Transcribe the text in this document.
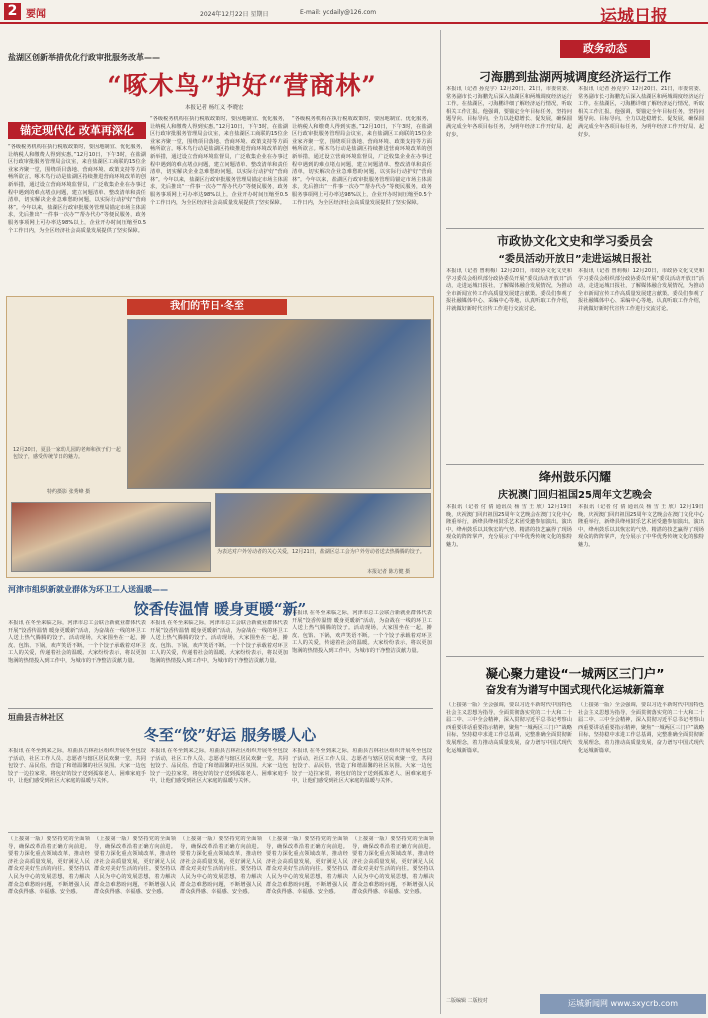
2 要闻	2024年12月22日 星期日	E-mail: ycdaily@126.com	运城日报
盐湖区创新举措优化行政审批服务改革——
“啄木鸟”护好“营商林”
本报记者 杨红义 李晓宏
锚定现代化 改革再深化
“各级税务机构在执行税收政策时，要因地制宜、优化服务，让纳税人和缴费人得到实惠。”12月10日，下午3时，在盐湖区行政审批服务管理局会议室，来自盐湖区工商联的15位企业家齐聚一堂，围绕项目落地、营商环境、政策支持等方面畅所欲言。啄木鸟行动是盐湖区持续推进营商环境改革的创新举措，通过设立营商环境监督员，广泛收集企业在办事过程中遇到的难点堵点问题，建立问题清单、整改清单和责任清单，切实解决企业急难愁盼问题，以实际行动护好“营商林”。今年以来，盐湖区行政审批服务管理局锚定市场主体需求，先后推出“一件事一次办”“帮办代办”等便民服务，政务服务事项网上可办率达98%以上，企业开办时间压缩至0.5个工作日内，为全区经济社会高质量发展提供了坚实保障。
“各级税务机构在执行税收政策时，要因地制宜、优化服务，让纳税人和缴费人得到实惠。”12月10日，下午3时，在盐湖区行政审批服务管理局会议室，来自盐湖区工商联的15位企业家齐聚一堂，围绕项目落地、营商环境、政策支持等方面畅所欲言。啄木鸟行动是盐湖区持续推进营商环境改革的创新举措，通过设立营商环境监督员，广泛收集企业在办事过程中遇到的难点堵点问题，建立问题清单、整改清单和责任清单，切实解决企业急难愁盼问题，以实际行动护好“营商林”。今年以来，盐湖区行政审批服务管理局锚定市场主体需求，先后推出“一件事一次办”“帮办代办”等便民服务，政务服务事项网上可办率达98%以上，企业开办时间压缩至0.5个工作日内，为全区经济社会高质量发展提供了坚实保障。
“各级税务机构在执行税收政策时，要因地制宜、优化服务，让纳税人和缴费人得到实惠。”12月10日，下午3时，在盐湖区行政审批服务管理局会议室，来自盐湖区工商联的15位企业家齐聚一堂，围绕项目落地、营商环境、政策支持等方面畅所欲言。啄木鸟行动是盐湖区持续推进营商环境改革的创新举措，通过设立营商环境监督员，广泛收集企业在办事过程中遇到的难点堵点问题，建立问题清单、整改清单和责任清单，切实解决企业急难愁盼问题，以实际行动护好“营商林”。今年以来，盐湖区行政审批服务管理局锚定市场主体需求，先后推出“一件事一次办”“帮办代办”等便民服务，政务服务事项网上可办率达98%以上，企业开办时间压缩至0.5个工作日内，为全区经济社会高质量发展提供了坚实保障。
我们的节日·冬至
12月20日，夏县一家幼儿园的老师和孩子们一起包饺子，感受传统节日的魅力。
特约摄影 张秀峰 摄
为表达对户外劳动者的关心关爱，12月21日，盐湖区总工会为户外劳动者送去热腾腾的饺子。
本报记者 陈方健 摄
河津市组织新就业群体为环卫工人送温暖——
饺香传温情 暖身更暖“新”
本报讯 在冬至来临之际，河津市总工会联合新就业群体代表开展“饺香传温情 暖身更暖新”活动，为奋战在一线的环卫工人送上热气腾腾的饺子。活动现场，大家围坐在一起，擀皮、包馅、下锅，欢声笑语不断。一个个饺子承载着对环卫工人的关爱，传递着社会的温暖。大家纷纷表示，将以更加饱满的热情投入到工作中，为城市的干净整洁贡献力量。
本报讯 在冬至来临之际，河津市总工会联合新就业群体代表开展“饺香传温情 暖身更暖新”活动，为奋战在一线的环卫工人送上热气腾腾的饺子。活动现场，大家围坐在一起，擀皮、包馅、下锅，欢声笑语不断。一个个饺子承载着对环卫工人的关爱，传递着社会的温暖。大家纷纷表示，将以更加饱满的热情投入到工作中，为城市的干净整洁贡献力量。
本报讯 在冬至来临之际，河津市总工会联合新就业群体代表开展“饺香传温情 暖身更暖新”活动，为奋战在一线的环卫工人送上热气腾腾的饺子。活动现场，大家围坐在一起，擀皮、包馅、下锅，欢声笑语不断。一个个饺子承载着对环卫工人的关爱，传递着社会的温暖。大家纷纷表示，将以更加饱满的热情投入到工作中，为城市的干净整洁贡献力量。
垣曲县吉林社区
冬至“饺”好运 服务暖人心
本报讯 在冬至到来之际，垣曲县吉林社区组织开展冬至包饺子活动，社区工作人员、志愿者与辖区居民欢聚一堂，共同包饺子、品民俗，营造了和谐温馨的社区氛围。大家一边包饺子一边拉家常，将包好的饺子送到孤寡老人、困难家庭手中，让他们感受到社区大家庭的温暖与关怀。
本报讯 在冬至到来之际，垣曲县吉林社区组织开展冬至包饺子活动，社区工作人员、志愿者与辖区居民欢聚一堂，共同包饺子、品民俗，营造了和谐温馨的社区氛围。大家一边包饺子一边拉家常，将包好的饺子送到孤寡老人、困难家庭手中，让他们感受到社区大家庭的温暖与关怀。
本报讯 在冬至到来之际，垣曲县吉林社区组织开展冬至包饺子活动，社区工作人员、志愿者与辖区居民欢聚一堂，共同包饺子、品民俗，营造了和谐温馨的社区氛围。大家一边包饺子一边拉家常，将包好的饺子送到孤寡老人、困难家庭手中，让他们感受到社区大家庭的温暖与关怀。
（上接第一版）要坚持党的全面领导，确保改革沿着正确方向前进。要着力深化重点领域改革，推动经济社会高质量发展，更好满足人民群众对美好生活的向往。要坚持以人民为中心的发展思想，着力解决群众急难愁盼问题，不断增强人民群众获得感、幸福感、安全感。
（上接第一版）要坚持党的全面领导，确保改革沿着正确方向前进。要着力深化重点领域改革，推动经济社会高质量发展，更好满足人民群众对美好生活的向往。要坚持以人民为中心的发展思想，着力解决群众急难愁盼问题，不断增强人民群众获得感、幸福感、安全感。
（上接第一版）要坚持党的全面领导，确保改革沿着正确方向前进。要着力深化重点领域改革，推动经济社会高质量发展，更好满足人民群众对美好生活的向往。要坚持以人民为中心的发展思想，着力解决群众急难愁盼问题，不断增强人民群众获得感、幸福感、安全感。
（上接第一版）要坚持党的全面领导，确保改革沿着正确方向前进。要着力深化重点领域改革，推动经济社会高质量发展，更好满足人民群众对美好生活的向往。要坚持以人民为中心的发展思想，着力解决群众急难愁盼问题，不断增强人民群众获得感、幸福感、安全感。
（上接第一版）要坚持党的全面领导，确保改革沿着正确方向前进。要着力深化重点领域改革，推动经济社会高质量发展，更好满足人民群众对美好生活的向往。要坚持以人民为中心的发展思想，着力解决群众急难愁盼问题，不断增强人民群众获得感、幸福感、安全感。
政务动态
刁海鹏到盐湖两城调度经济运行工作
本报讯（记者 孙克宇）12月20日、21日，市委常委、常务副市长刁海鹏先后深入盐湖区和两城调度经济运行工作。在盐湖区，刁海鹏详细了解经济运行情况，听取相关工作汇报。他强调，要锚定全年目标任务，坚持问题导向、目标导向，全力以赴稳增长、促发展，确保圆满完成全年各项目标任务，为明年经济工作开好局、起好步。
本报讯（记者 孙克宇）12月20日、21日，市委常委、常务副市长刁海鹏先后深入盐湖区和两城调度经济运行工作。在盐湖区，刁海鹏详细了解经济运行情况，听取相关工作汇报。他强调，要锚定全年目标任务，坚持问题导向、目标导向，全力以赴稳增长、促发展，确保圆满完成全年各项目标任务，为明年经济工作开好局、起好步。
市政协文化文史和学习委员会
“委员活动开放日”走进运城日报社
本报讯（记者 曾莉梅）12月20日，市政协文化文史和学习委员会组织部分政协委员开展“委员活动开放日”活动，走进运城日报社，了解媒体融合发展情况，为推动全市新闻宣传工作高质量发展建言献策。委员们参观了报社融媒体中心、采编中心等地，认真听取工作介绍，并就做好新时代宣传工作进行交流讨论。
本报讯（记者 曾莉梅）12月20日，市政协文化文史和学习委员会组织部分政协委员开展“委员活动开放日”活动，走进运城日报社，了解媒体融合发展情况，为推动全市新闻宣传工作高质量发展建言献策。委员们参观了报社融媒体中心、采编中心等地，认真听取工作介绍，并就做好新时代宣传工作进行交流讨论。
绛州鼓乐闪耀
庆祝澳门回归祖国25周年文艺晚会
本报讯（记者 付 倩 通讯员 杨 雪 王 欣）12月19日晚，庆祝澳门回归祖国25周年文艺晚会在澳门文化中心隆重举行，新绛县绛州鼓乐艺术团受邀参加演出。演出中，绛州鼓乐以其恢宏的气势、精湛的技艺赢得了现场观众的阵阵掌声，充分展示了中华优秀传统文化的独特魅力。
本报讯（记者 付 倩 通讯员 杨 雪 王 欣）12月19日晚，庆祝澳门回归祖国25周年文艺晚会在澳门文化中心隆重举行，新绛县绛州鼓乐艺术团受邀参加演出。演出中，绛州鼓乐以其恢宏的气势、精湛的技艺赢得了现场观众的阵阵掌声，充分展示了中华优秀传统文化的独特魅力。
凝心聚力建设“一城两区三门户”
奋发有为谱写中国式现代化运城新篇章
（上接第一版）全会强调，要以习近平新时代中国特色社会主义思想为指导，全面贯彻落实党的二十大和二十届二中、三中全会精神，深入贯彻习近平总书记考察山西重要讲话重要指示精神，聚焦“一城两区三门户”战略目标，坚持稳中求进工作总基调，完整准确全面贯彻新发展理念，着力推动高质量发展，奋力谱写中国式现代化运城新篇章。
（上接第一版）全会强调，要以习近平新时代中国特色社会主义思想为指导，全面贯彻落实党的二十大和二十届二中、三中全会精神，深入贯彻习近平总书记考察山西重要讲话重要指示精神，聚焦“一城两区三门户”战略目标，坚持稳中求进工作总基调，完整准确全面贯彻新发展理念，着力推动高质量发展，奋力谱写中国式现代化运城新篇章。
二版编辑 二版校对	运城新闻网 www.sxycrb.com
